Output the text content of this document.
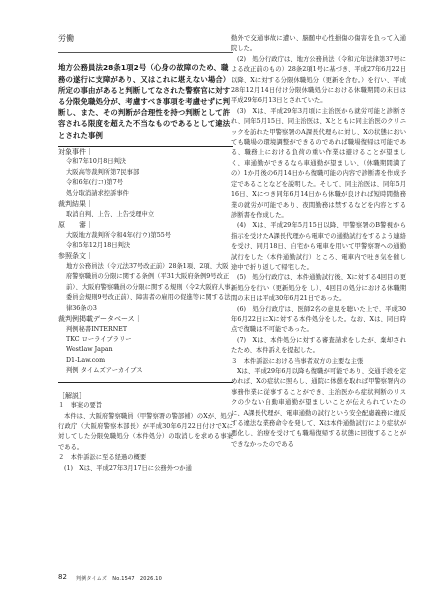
労働
地方公務員法28条1項2号（心身の故障のため、職務の遂行に支障があり、又はこれに堪えない場合）所定の事由があると判断してなされた警察官に対する分限免職処分が、考慮すべき事項を考慮せずに判断し、また、その判断が合理性を持つ判断として許容される限度を超えた不当なものであるとして違法とされた事例
対象事件｜
令和7年10月8日判決
大阪高等裁判所第7民事部
令和6年(行コ)第7号
処分取消請求控訴事件
裁判結果｜
取消自判、上告、上告受理申立
原　　審｜
大阪地方裁判所令和4年(行ウ)第55号
令和5年12月18日判決
参照条文｜
地方公務員法（令元法37号改正前）28条1項、2項、大阪府警察職員の分限に関する条例（平31大阪府条例9号改正前）、大阪府警察職員の分限に関する規則（令2大阪府人事委員会規則9号改正前）、障害者の雇用の促進等に関する法律36条の3
裁判例掲載データベース｜
判例秘書INTERNET
TKC ローライブラリー
Westlaw Japan
D1-Law.com
判例 タイムズアーカイブス
［解説］

１　事案の要旨

本件は、大阪府警察職員（甲警察署の警部補）のXが、処分行政庁（大阪府警察本部長）が平成30年6月22日付けでXに対してした分限免職処分（本件処分）の取消しを求める事案である。

２　本件訴訟に至る経過の概要

(1)　Xは、平成27年3月17日に公務外つか通

勤外で交通事故に遭い、脳髄中心性損傷の傷害を負って入通院した。

(2)　処分行政庁は、地方公務員法（令和元年法律第37号による改正前のもの）28条2項1号に基づき、平成27年6月22日以降、Xに対する分限休職処分（更新を含む。）を行い、平成28年12月14日付け分限休職処分における休職期間の末日は平成29年6月13日とされていた。

(3)　Xは、平成29年3月頃に主治医から就労可能と診断され、同年5月15日、同主治医は、Xとともに同主治医のクリニックを訪れた甲警察署のA課長代理らに対し、Xの状態においても職場の環境調整ができるのであれば職場復帰は可能である、職務上における負荷の重い作業は避けることが望ましく、車通勤ができるなら車通勤が望ましい、（休職期間満了の）1か月後の6月14日から復職可能の内容で診断書を作成予定であることなどを説明した。そして、同主治医は、同年5月16日、Xにつき同年6月14日から休職が良ければ短時間勤務業の就労が可能であり、夜間勤務は禁するなどを内容とする診断書を作成した。

(4)　Xは、平成29年5月15日以降、甲警察署のB警視から指示を受けたA課長代理から電車での通勤試行をするよう連絡を受け、同月18日、自宅から電車を用いて甲警察署への通勤試行をした（本件通勤試行）ところ、電車内で吐き気を催し途中で折り返して帰宅した。

(5)　処分行政庁は、本件通勤試行後、Xに対する4回目の更新処分を行い（更新処分を し）、4回目の処分における休職期間の末日は平成30年6月21日であった。

(6)　処分行政庁は、医師2名の意見を聴いた上で、平成30年6月22日にXに対する本件処分をした。なお、Xは、同日時点で復職は不可能であった。

(7)　Xは、本件処分に対する審査請求をしたが、棄却されたため、本件訴えを提起した。

３　本件訴訟における当事者双方の主要な主張

Xは、平成29年6月以降も復職が可能であり、交通手段を定めれば、Xの症状に照らし、通院に体憩を取れば甲警察署内の事務作業に従事することができ、主治医から症状判断のリスクの少ない自動車通勤が望ましいことが伝えられていたのに、A課長代理が、電車通勤の試行という安全配慮義務に違反する違法な業務命令を発して、Xは本件通勤試行により症状が悪化し、治療を受けても職場復帰する状態に回復することができなかったのである

82 判例タイムズ　No.1547　2026.10
